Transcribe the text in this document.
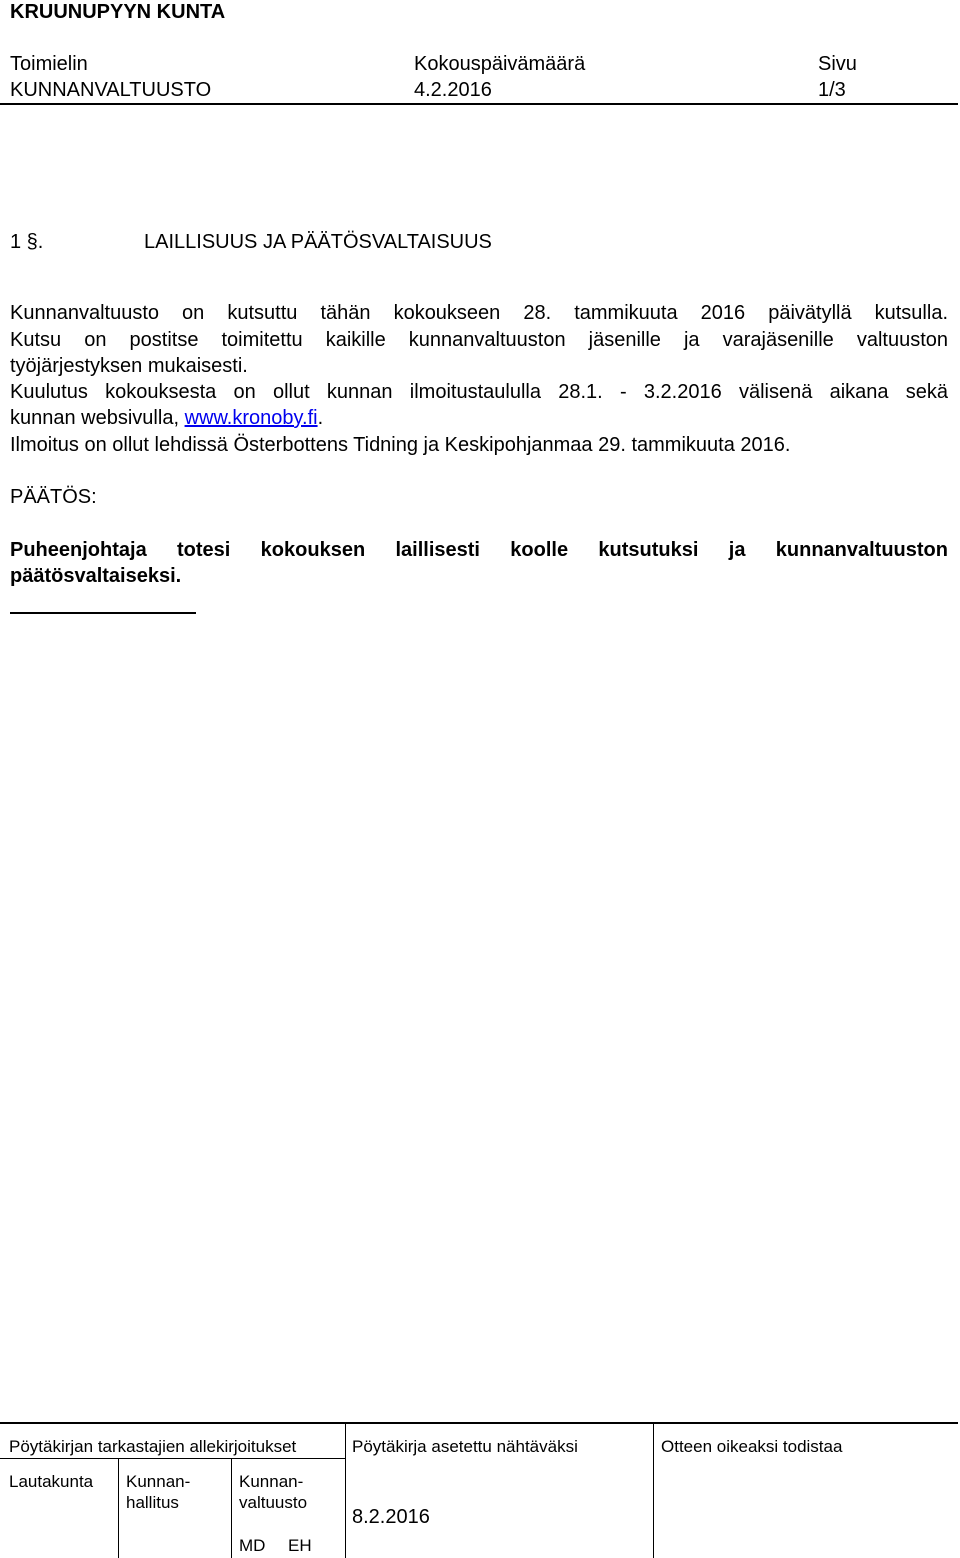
KRUUNUPYYN KUNTA
Toimielin
KUNNANVALTUUSTO
Kokouspäivämäärä
4.2.2016
Sivu
1/3
1 §.	LAILLISUUS JA PÄÄTÖSVALTAISUUS
Kunnanvaltuusto on kutsuttu tähän kokoukseen 28. tammikuuta 2016 päivätyllä kutsulla.
Kutsu on postitse toimitettu kaikille kunnanvaltuuston jäsenille ja varajäsenille valtuuston
työjärjestyksen mukaisesti.
Kuulutus kokouksesta on ollut kunnan ilmoitustaululla 28.1. - 3.2.2016 välisenä aikana sekä
kunnan websivulla, www.kronoby.fi.
Ilmoitus on ollut lehdissä Österbottens Tidning ja Keskipohjanmaa 29. tammikuuta 2016.
PÄÄTÖS:
Puheenjohtaja totesi kokouksen laillisesti koolle kutsutuksi ja kunnanvaltuuston
päätösvaltaiseksi.
Pöytäkirjan tarkastajien allekirjoitukset
Lautakunta Kunnan-
hallitus
Kunnan-
valtuusto
MD EH
Pöytäkirja asetettu nähtäväksi
8.2.2016
Otteen oikeaksi todistaa
